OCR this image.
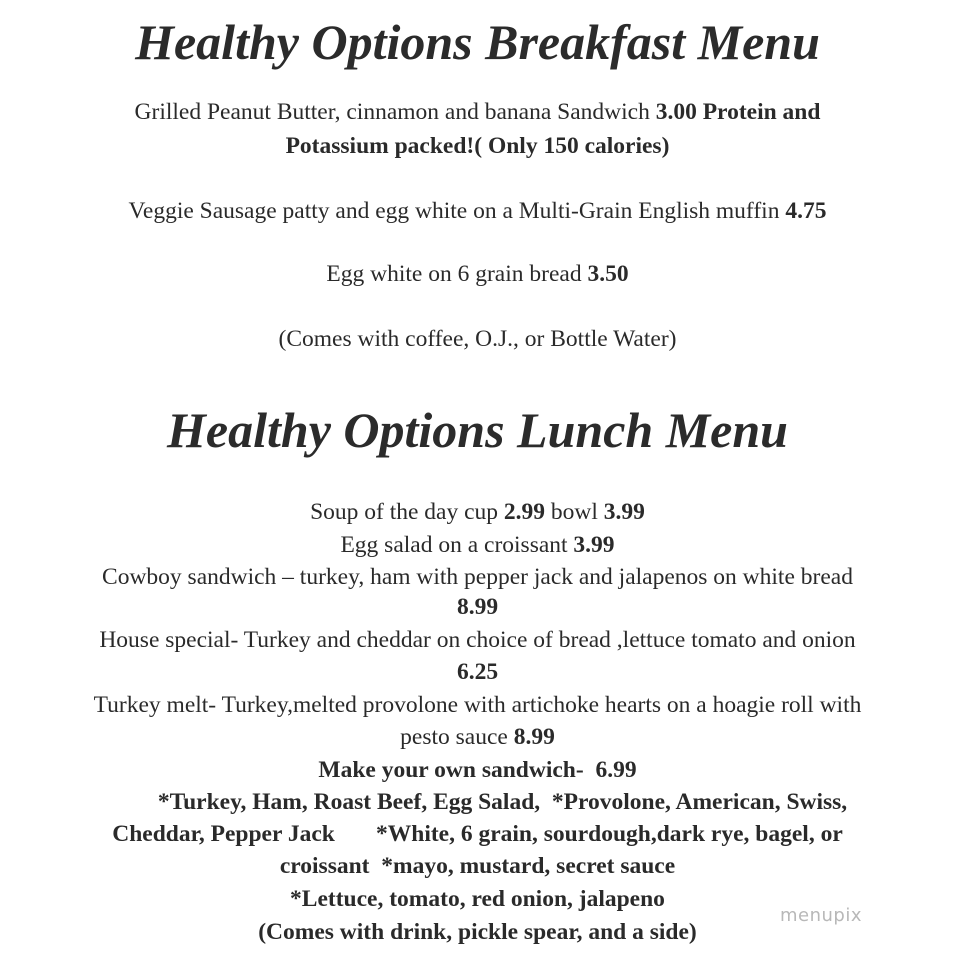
Healthy Options Breakfast Menu
Grilled Peanut Butter, cinnamon and banana Sandwich 3.00 Protein and
Potassium packed!( Only 150 calories)
Veggie Sausage patty and egg white on a Multi-Grain English muffin 4.75
Egg white on 6 grain bread 3.50
(Comes with coffee, O.J., or Bottle Water)
Healthy Options Lunch Menu
Soup of the day cup 2.99 bowl 3.99
Egg salad on a croissant 3.99
Cowboy sandwich – turkey, ham with pepper jack and jalapenos on white bread
8.99
House special- Turkey and cheddar on choice of bread ,lettuce tomato and onion
6.25
Turkey melt- Turkey,melted provolone with artichoke hearts on a hoagie roll with
pesto sauce 8.99
Make your own sandwich-  6.99
*Turkey, Ham, Roast Beef, Egg Salad,  *Provolone, American, Swiss,
Cheddar, Pepper Jack       *White, 6 grain, sourdough,dark rye, bagel, or
croissant  *mayo, mustard, secret sauce
*Lettuce, tomato, red onion, jalapeno
(Comes with drink, pickle spear, and a side)
menupix
